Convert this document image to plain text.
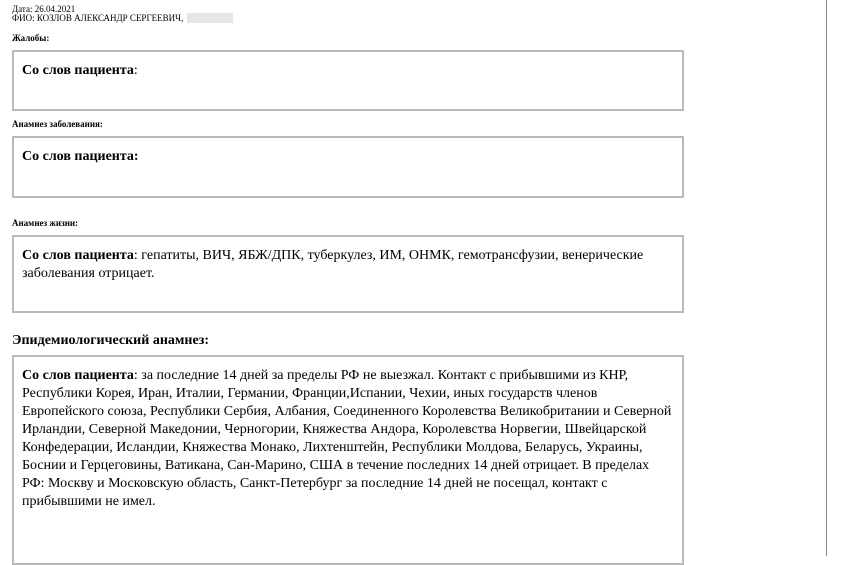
Дата: 26.04.2021
ФИО: КОЗЛОВ АЛЕКСАНДР СЕРГЕЕВИЧ,
Жалобы:
Со слов пациента:
Анамнез заболевания:
Со слов пациента:
Анамнез жизни:
Со слов пациента: гепатиты, ВИЧ, ЯБЖ/ДПК, туберкулез, ИМ, ОНМК, гемотрансфузии, венерические заболевания отрицает.
Эпидемиологический анамнез:
Со слов пациента: за последние 14 дней за пределы РФ не выезжал. Контакт с прибывшими из КНР, Республики Корея, Иран, Италии, Германии, Франции,Испании, Чехии, иных государств членов Европейского союза, Республики Сербия, Албания, Соединенного Королевства Великобритании и Северной Ирландии, Северной Македонии, Черногории, Княжества Андора, Королевства Норвегии, Швейцарской Конфедерации, Исландии, Княжества Монако, Лихтенштейн, Республики Молдова, Беларусь, Украины, Боснии и Герцеговины, Ватикана, Сан-Марино, США в течение последних 14 дней отрицает. В пределах РФ: Москву и Московскую область, Санкт-Петербург за последние 14 дней не посещал, контакт с прибывшими не имел.
